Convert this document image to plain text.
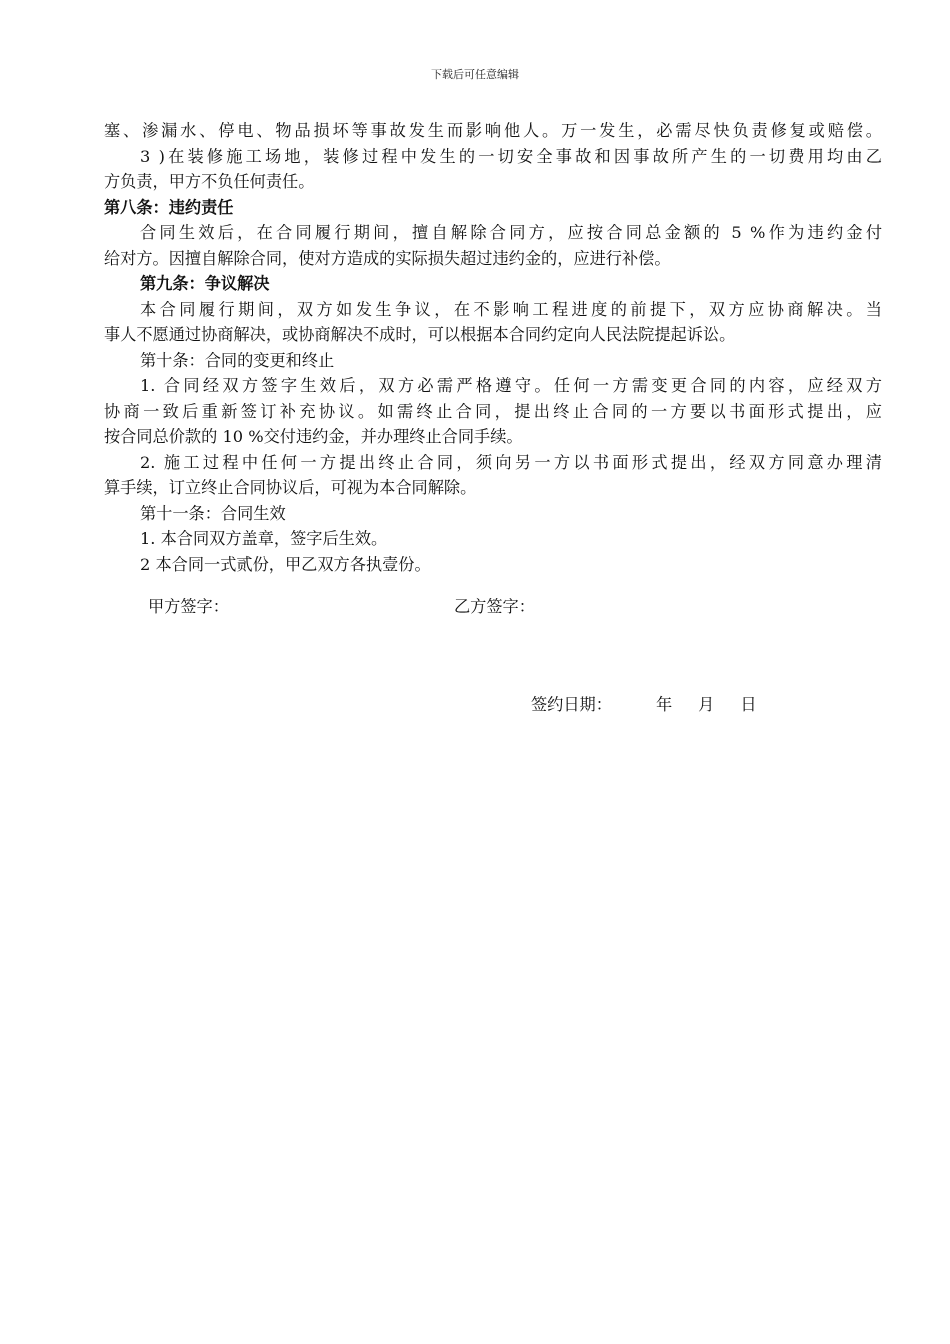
下载后可任意编辑

塞、渗漏水、停电、物品损坏等事故发生而影响他人。万一发生，必需尽快负责修复或赔偿。

3 )在装修施工场地，装修过程中发生的一切安全事故和因事故所产生的一切费用均由乙

方负责，甲方不负任何责任。

第八条：违约责任

合同生效后，在合同履行期间，擅自解除合同方，应按合同总金额的 5 %作为违约金付

给对方。因擅自解除合同，使对方造成的实际损失超过违约金的，应进行补偿。

第九条：争议解决

本合同履行期间，双方如发生争议，在不影响工程进度的前提下，双方应协商解决。当

事人不愿通过协商解决，或协商解决不成时，可以根据本合同约定向人民法院提起诉讼。

第十条：合同的变更和终止

1. 合同经双方签字生效后，双方必需严格遵守。任何一方需变更合同的内容，应经双方

协商一致后重新签订补充协议。如需终止合同，提出终止合同的一方要以书面形式提出，应

按合同总价款的 10 %交付违约金，并办理终止合同手续。

2. 施工过程中任何一方提出终止合同，须向另一方以书面形式提出，经双方同意办理清

算手续，订立终止合同协议后，可视为本合同解除。

第十一条：合同生效

1. 本合同双方盖章，签字后生效。

2 本合同一式贰份，甲乙双方各执壹份。

甲方签字：	乙方签字：
签约日期：	年 月 日
